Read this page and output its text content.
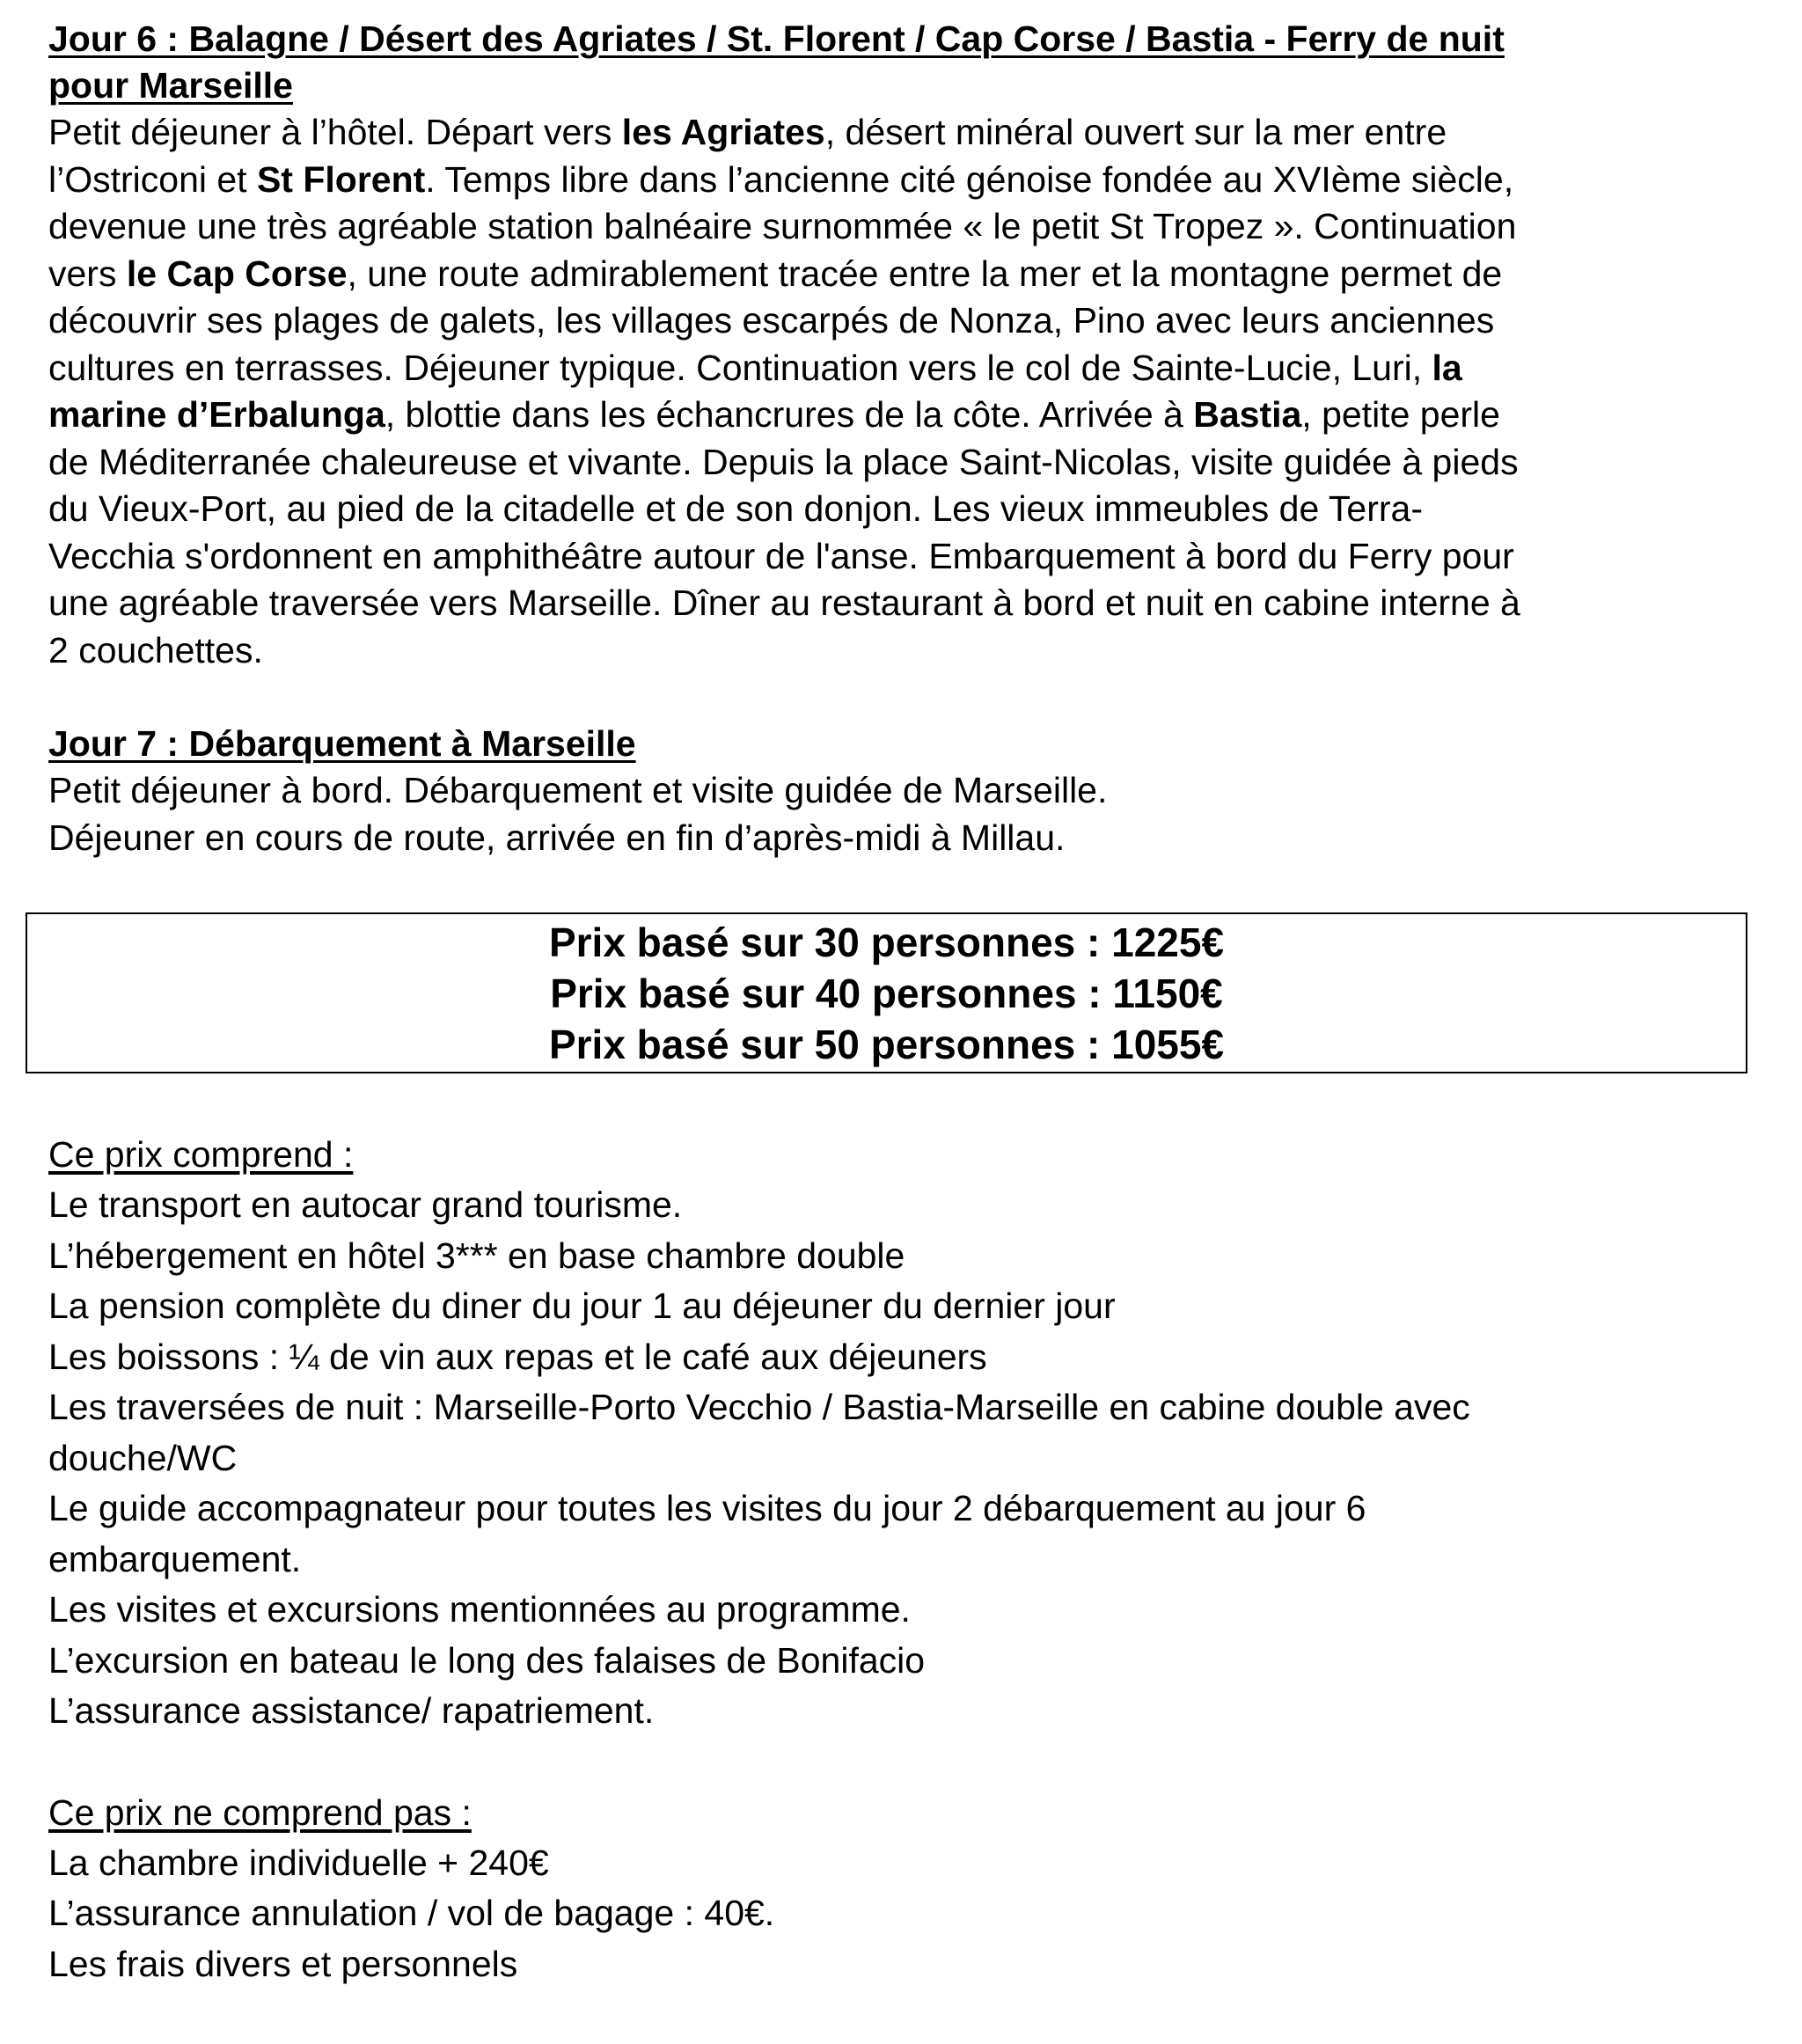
Jour 6 : Balagne / Désert des Agriates / St. Florent / Cap Corse / Bastia - Ferry de nuit

pour Marseille

Petit déjeuner à l’hôtel. Départ vers les Agriates, désert minéral ouvert sur la mer entre

l’Ostriconi et St Florent. Temps libre dans l’ancienne cité génoise fondée au XVIème siècle,

devenue une très agréable station balnéaire surnommée « le petit St Tropez ». Continuation

vers le Cap Corse, une route admirablement tracée entre la mer et la montagne permet de

découvrir ses plages de galets, les villages escarpés de Nonza, Pino avec leurs anciennes

cultures en terrasses. Déjeuner typique. Continuation vers le col de Sainte-Lucie, Luri, la

marine d’Erbalunga, blottie dans les échancrures de la côte. Arrivée à Bastia, petite perle

de Méditerranée chaleureuse et vivante. Depuis la place Saint-Nicolas, visite guidée à pieds

du Vieux-Port, au pied de la citadelle et de son donjon. Les vieux immeubles de Terra-

Vecchia s'ordonnent en amphithéâtre autour de l'anse. Embarquement à bord du Ferry pour

une agréable traversée vers Marseille. Dîner au restaurant à bord et nuit en cabine interne à

2 couchettes.

Jour 7 : Débarquement à Marseille

Petit déjeuner à bord. Débarquement et visite guidée de Marseille.

Déjeuner en cours de route, arrivée en fin d’après-midi à Millau.

Prix basé sur 30 personnes : 1225€
Prix basé sur 40 personnes : 1150€
Prix basé sur 50 personnes : 1055€

Ce prix comprend :

Le transport en autocar grand tourisme.

L’hébergement en hôtel 3*** en base chambre double

La pension complète du diner du jour 1 au déjeuner du dernier jour

Les boissons : ¼ de vin aux repas et le café aux déjeuners

Les traversées de nuit : Marseille-Porto Vecchio / Bastia-Marseille en cabine double avec

douche/WC

Le guide accompagnateur pour toutes les visites du jour 2 débarquement au jour 6

embarquement.

Les visites et excursions mentionnées au programme.

L’excursion en bateau le long des falaises de Bonifacio

L’assurance assistance/ rapatriement.

Ce prix ne comprend pas :

La chambre individuelle + 240€

L’assurance annulation / vol de bagage : 40€.

Les frais divers et personnels
